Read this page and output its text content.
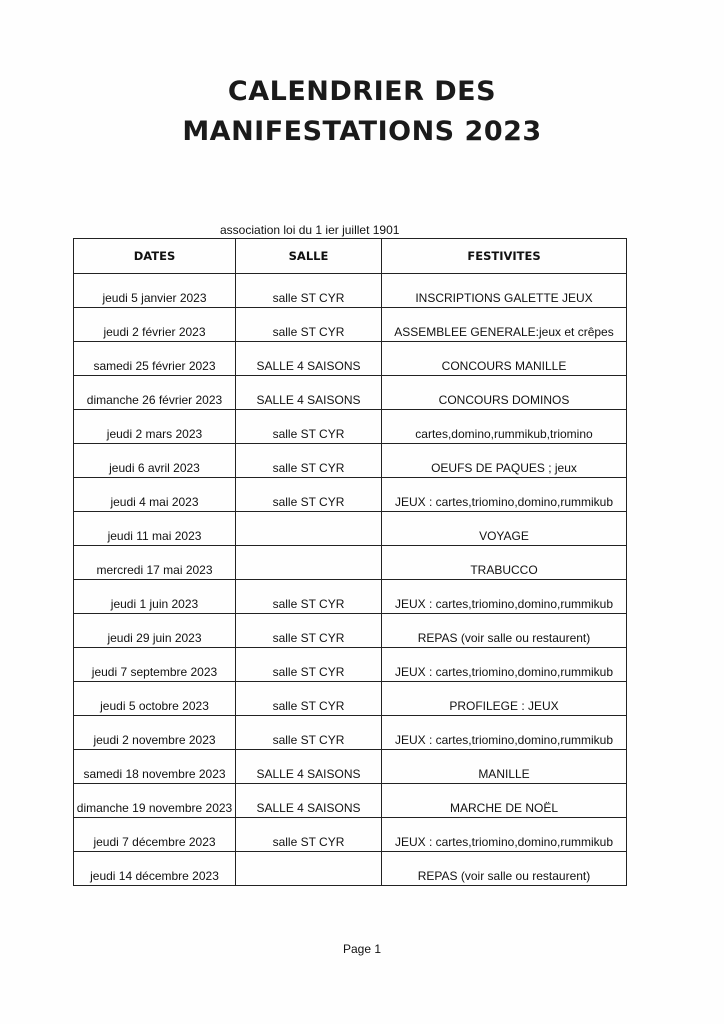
CALENDRIER DES
MANIFESTATIONS 2023
association loi du 1 ier juillet 1901
DATES	SALLE	FESTIVITES
jeudi 5 janvier 2023	salle ST CYR	INSCRIPTIONS GALETTE JEUX
jeudi 2 février 2023	salle ST CYR	ASSEMBLEE GENERALE:jeux et crêpes
samedi 25 février 2023	SALLE 4 SAISONS	CONCOURS MANILLE
dimanche 26 février 2023	SALLE 4 SAISONS	CONCOURS DOMINOS
jeudi 2 mars 2023	salle ST CYR	cartes,domino,rummikub,triomino
jeudi 6 avril 2023	salle ST CYR	OEUFS DE PAQUES ; jeux
jeudi 4 mai 2023	salle ST CYR	JEUX : cartes,triomino,domino,rummikub
jeudi 11 mai 2023		VOYAGE
mercredi 17 mai 2023		TRABUCCO
jeudi 1 juin 2023	salle ST CYR	JEUX : cartes,triomino,domino,rummikub
jeudi 29 juin 2023	salle ST CYR	REPAS (voir salle ou restaurent)
jeudi 7 septembre 2023	salle ST CYR	JEUX : cartes,triomino,domino,rummikub
jeudi 5 octobre 2023	salle ST CYR	PROFILEGE : JEUX
jeudi 2 novembre 2023	salle ST CYR	JEUX : cartes,triomino,domino,rummikub
samedi 18 novembre 2023	SALLE 4 SAISONS	MANILLE
dimanche 19 novembre 2023	SALLE 4 SAISONS	MARCHE DE NOËL
jeudi 7 décembre 2023	salle ST CYR	JEUX : cartes,triomino,domino,rummikub
jeudi 14 décembre 2023		REPAS (voir salle ou restaurent)
Page 1
